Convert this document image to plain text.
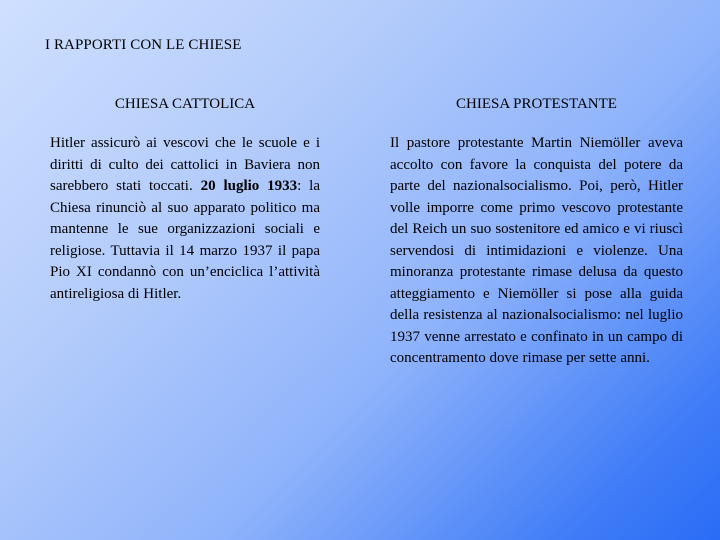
I RAPPORTI CON LE CHIESE
CHIESA CATTOLICA
Hitler assicurò ai vescovi che le scuole e i diritti di culto dei cattolici in Baviera non sarebbero stati toccati. 20 luglio 1933: la Chiesa rinunciò al suo apparato politico ma mantenne le sue organizzazioni sociali e religiose. Tuttavia il 14 marzo 1937 il papa Pio XI condannò con un’enciclica l’attività antireligiosa di Hitler.
CHIESA PROTESTANTE
Il pastore protestante Martin Niemöller aveva accolto con favore la conquista del potere da parte del nazionalsocialismo. Poi, però, Hitler volle imporre come primo vescovo protestante del Reich un suo sostenitore ed amico e vi riuscì servendosi di intimidazioni e violenze. Una minoranza protestante rimase delusa da questo atteggiamento e Niemöller si pose alla guida della resistenza al nazionalsocialismo: nel luglio 1937 venne arrestato e confinato in un campo di concentramento dove rimase per sette anni.
